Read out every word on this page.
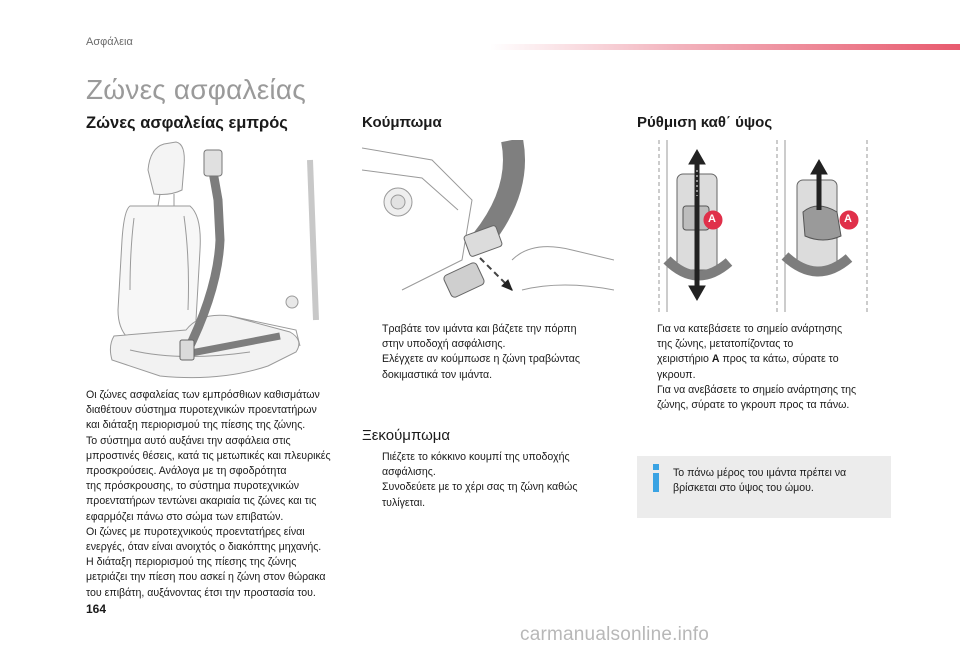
Ασφάλεια
Ζώνες ασφαλείας
Ζώνες ασφαλείας εμπρός	Κούμπωμα	Ρύθμιση καθ΄ ύψος

Οι ζώνες ασφαλείας των εμπρόσθιων καθισμάτων

διαθέτουν σύστημα πυροτεχνικών προεντατήρων

και διάταξη περιορισμού της πίεσης της ζώνης.

Το σύστημα αυτό αυξάνει την ασφάλεια στις

μπροστινές θέσεις, κατά τις μετωπικές και πλευρικές

προσκρούσεις. Ανάλογα με τη σφοδρότητα

της πρόσκρουσης, το σύστημα πυροτεχνικών

προεντατήρων τεντώνει ακαριαία τις ζώνες και τις

εφαρμόζει πάνω στο σώμα των επιβατών.

Οι ζώνες με πυροτεχνικούς προεντατήρες είναι

ενεργές, όταν είναι ανοιχτός ο διακόπτης μηχανής.

Η διάταξη περιορισμού της πίεσης της ζώνης

μετριάζει την πίεση που ασκεί η ζώνη στον θώρακα

του επιβάτη, αυξάνοντας έτσι την προστασία του.

Τραβάτε τον ιμάντα και βάζετε την πόρπη
στην υποδοχή ασφάλισης.
Ελέγχετε αν κούμπωσε η ζώνη τραβώντας
δοκιμαστικά τον ιμάντα.
Ξεκούμπωμα
Πιέζετε το κόκκινο κουμπί της υποδοχής
ασφάλισης.
Συνοδεύετε με το χέρι σας τη ζώνη καθώς
τυλίγεται.
A	A
Για να κατεβάσετε το σημείο ανάρτησης
της ζώνης, μετατοπίζοντας το
χειριστήριο A προς τα κάτω, σύρατε το
γκρουπ.
Για να ανεβάσετε το σημείο ανάρτησης της
ζώνης, σύρατε το γκρουπ προς τα πάνω.
Το πάνω μέρος του ιμάντα πρέπει να
βρίσκεται στο ύψος του ώμου.
164
carmanualsonline.info
